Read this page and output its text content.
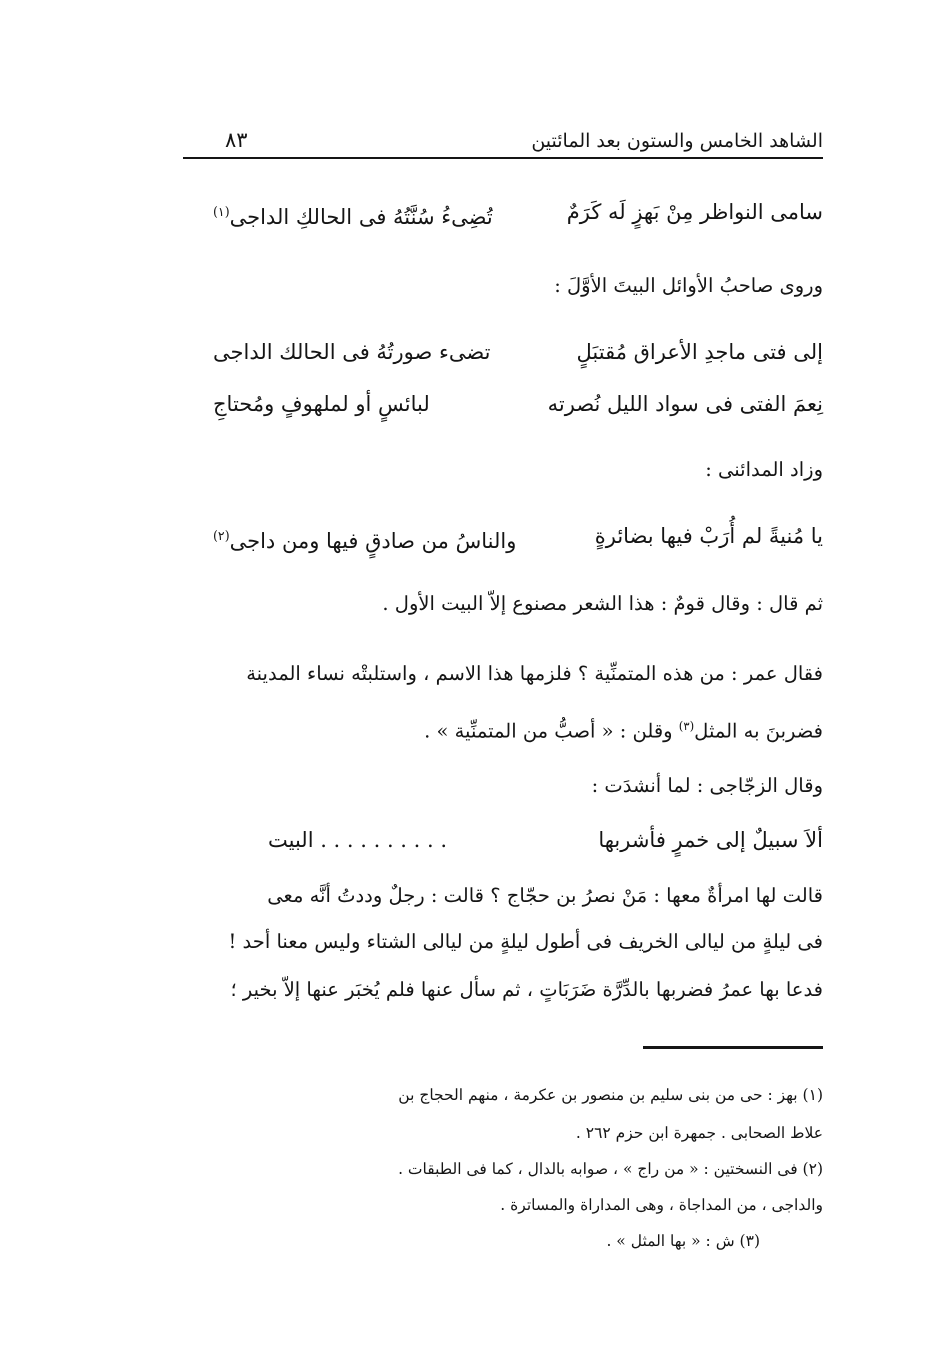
الشاهد الخامس والستون بعد المائتين
٨٣
سامى النواظر مِنْ بَهزٍ لَه كَرَمٌ
تُضِىءُ سُنَّتُهُ فى الحالكِ الداجى$^{(١)}$
وروى صاحبُ الأوائل البيتَ الأوَّلَ :
إلى فتى ماجدِ الأعراق مُقتبَلٍ
تضىء صورتُهُ فى الحالك الداجى
نِعمَ الفتى فى سواد الليل نُصرته
لبائسٍ أو لملهوفٍ ومُحتاجِ
وزاد المدائنى :
يا مُنيةً لم أُرَبْ فيها بضائرةٍ
والناسُ من صادقٍ فيها ومن داجى$^{(٢)}$
ثم قال : وقال قومٌ : هذا الشعر مصنوع إلاّ البيت الأول .
فقال عمر : من هذه المتمنِّية ؟ فلزمها هذا الاسم ، واستلبتْه نساء المدينة
فضربنَ به المثل$^{(٣)}$ وقلن : « أصبُّ من المتمنِّية » .
وقال الزجّاجى : لما أنشدَت :
ألاَ سبيلٌ إلى خمرٍ فأشربها
. . . . . . . . . . البيت
قالت لها امرأةٌ معها : مَنْ نصرُ بن حجّاج ؟ قالت : رجلٌ وددتُ أنَّه معى
فى ليلةٍ من ليالى الخريف فى أطول ليلةٍ من ليالى الشتاء وليس معنا أحد !
فدعا بها عمرُ فضربها بالدِّرَّة ضَرَبَاتٍ ، ثم سأل عنها فلم يُخبَر عنها إلاّ بخير ؛
(١) بهز : حى من بنى سليم بن منصور بن عكرمة ، منهم الحجاج بن
علاط الصحابى . جمهرة ابن حزم ٢٦٢ .
(٢) فى النسختين : « من راج » ، صوابه بالدال ، كما فى الطبقات .
والداجى ، من المداجاة ، وهى المداراة والمساترة .
(٣) ش : « بها المثل » .
